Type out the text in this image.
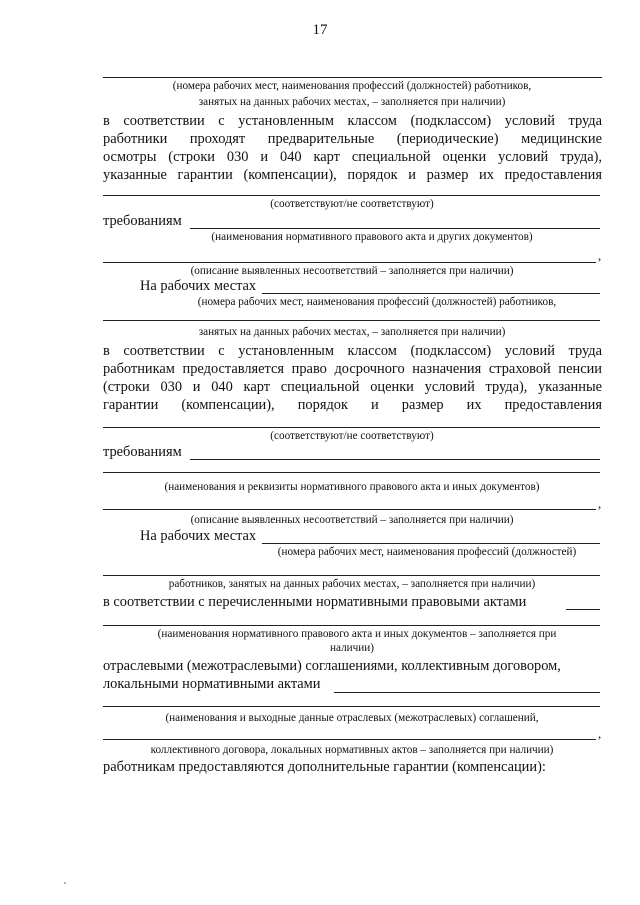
17
(номера рабочих мест, наименования профессий (должностей) работников,
занятых на данных рабочих местах, – заполняется при наличии)
в соответствии с установленным классом (подклассом) условий труда
работники проходят предварительные (периодические) медицинские
осмотры (строки 030 и 040 карт специальной оценки условий труда),
указанные гарантии (компенсации), порядок и размер их предоставления
(соответствуют/не соответствуют)
требованиям
(наименования нормативного правового акта и других документов)
,
(описание выявленных несоответствий – заполняется при наличии)
На рабочих местах
(номера рабочих мест, наименования профессий (должностей) работников,
занятых на данных рабочих местах, – заполняется при наличии)
в соответствии с установленным классом (подклассом) условий труда
работникам предоставляется право досрочного назначения страховой пенсии
(строки 030 и 040 карт специальной оценки условий труда), указанные
гарантии (компенсации), порядок и размер их предоставления
(соответствуют/не соответствуют)
требованиям
(наименования и реквизиты нормативного правового акта и иных документов)
,
(описание выявленных несоответствий – заполняется при наличии)
На рабочих местах
(номера рабочих мест, наименования профессий (должностей)
работников, занятых на данных рабочих местах, – заполняется при наличии)
в соответствии с перечисленными нормативными правовыми актами
(наименования нормативного правового акта и иных документов – заполняется при
наличии)
отраслевыми (межотраслевыми) соглашениями, коллективным договором,
локальными нормативными актами
(наименования и выходные данные отраслевых (межотраслевых) соглашений,
,
коллективного договора, локальных нормативных актов – заполняется при наличии)
работникам предоставляются дополнительные гарантии (компенсации):
